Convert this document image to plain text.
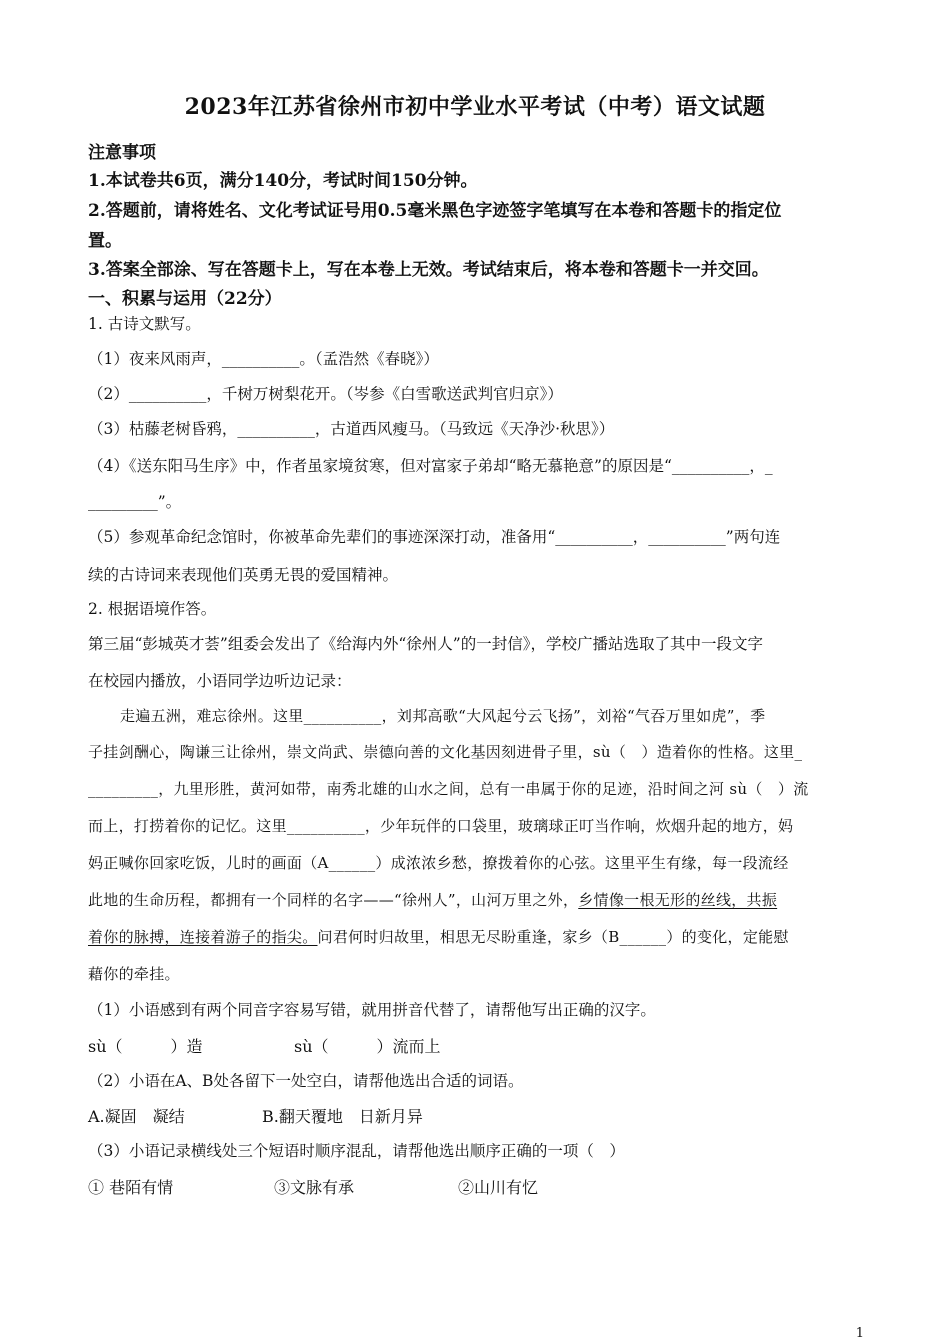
2023年江苏省徐州市初中学业水平考试（中考）语文试题
注意事项
1.本试卷共6页，满分140分，考试时间150分钟。
2.答题前，请将姓名、文化考试证号用0.5毫米黑色字迹签字笔填写在本卷和答题卡的指定位
置。
3.答案全部涂、写在答题卡上，写在本卷上无效。考试结束后，将本卷和答题卡一并交回。
一、积累与运用（22分）
1. 古诗文默写。
（1）夜来风雨声，__________。（孟浩然《春晓》）
（2）__________，千树万树梨花开。（岑参《白雪歌送武判官归京》）
（3）枯藤老树昏鸦，__________，古道西风瘦马。（马致远《天净沙·秋思》）
（4）《送东阳马生序》中，作者虽家境贫寒，但对富家子弟却“略无慕艳意”的原因是“__________，_
_________”。
（5）参观革命纪念馆时，你被革命先辈们的事迹深深打动，准备用“__________，__________”两句连
续的古诗词来表现他们英勇无畏的爱国精神。
2. 根据语境作答。
第三届“彭城英才荟”组委会发出了《给海内外“徐州人”的一封信》，学校广播站选取了其中一段文字
在校园内播放，小语同学边听边记录：
走遍五洲，难忘徐州。这里__________，刘邦高歌“大风起兮云飞扬”，刘裕“气吞万里如虎”，季
子挂剑酬心，陶谦三让徐州，崇文尚武、崇德向善的文化基因刻进骨子里，sù（　）造着你的性格。这里_
_________，九里形胜，黄河如带，南秀北雄的山水之间，总有一串属于你的足迹，沿时间之河 sù（　）流
而上，打捞着你的记忆。这里__________，少年玩伴的口袋里，玻璃球正叮当作响，炊烟升起的地方，妈
妈正喊你回家吃饭，儿时的画面（A______）成浓浓乡愁，撩拨着你的心弦。这里平生有缘，每一段流经
此地的生命历程，都拥有一个同样的名字——“徐州人”，山河万里之外，乡情像一根无形的丝线，共振
着你的脉搏，连接着游子的指尖。问君何时归故里，相思无尽盼重逢，家乡（B______）的变化，定能慰
藉你的牵挂。
（1）小语感到有两个同音字容易写错，就用拼音代替了，请帮他写出正确的汉字。
sù（　　　）造	sù（　　　）流而上
（2）小语在A、B处各留下一处空白，请帮他选出合适的词语。
A.凝固　凝结	B.翻天覆地　日新月异
（3）小语记录横线处三个短语时顺序混乱，请帮他选出顺序正确的一项（　）
① 巷陌有情	③文脉有承	②山川有忆
1
